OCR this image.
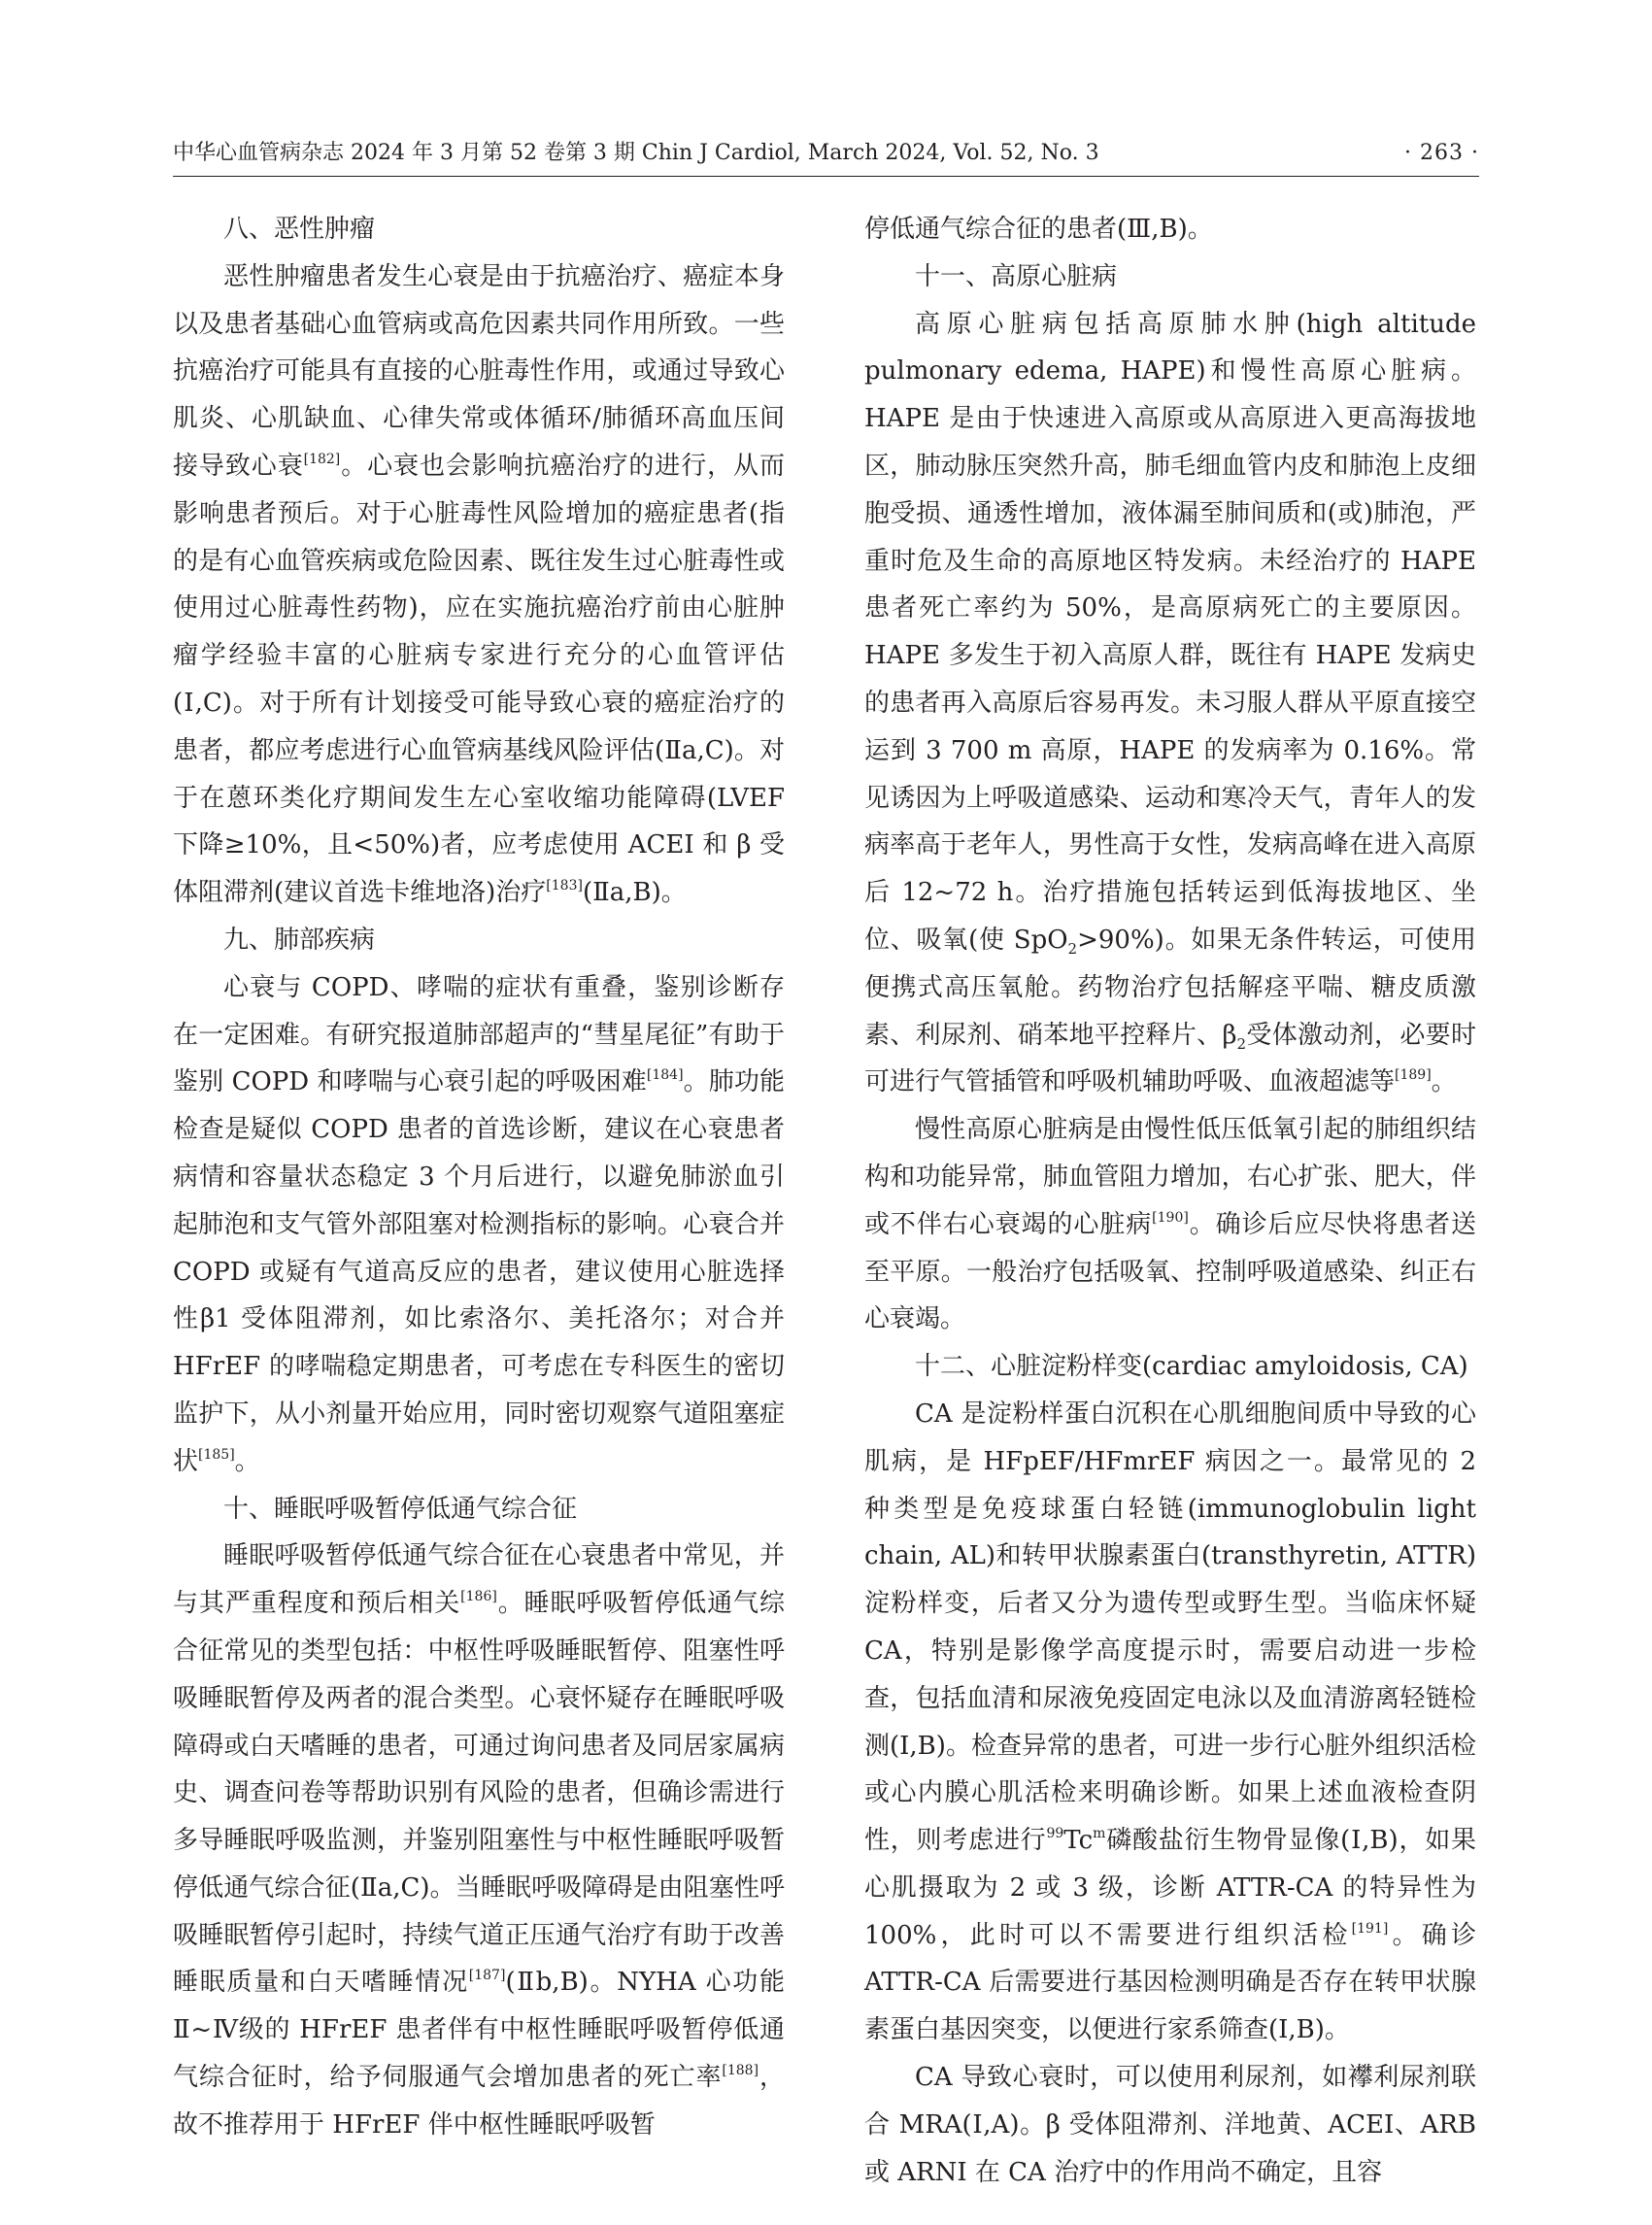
中华心血管病杂志 2024 年 3 月第 52 卷第 3 期 Chin J Cardiol, March 2024, Vol. 52, No. 3	· 263 ·

八、恶性肿瘤

恶性肿瘤患者发生心衰是由于抗癌治疗、癌症本身以及患者基础心血管病或高危因素共同作用所致。一些抗癌治疗可能具有直接的心脏毒性作用，或通过导致心肌炎、心肌缺血、心律失常或体循环/肺循环高血压间接导致心衰[182]。心衰也会影响抗癌治疗的进行，从而影响患者预后。对于心脏毒性风险增加的癌症患者(指的是有心血管疾病或危险因素、既往发生过心脏毒性或使用过心脏毒性药物)，应在实施抗癌治疗前由心脏肿瘤学经验丰富的心脏病专家进行充分的心血管评估(Ⅰ,C)。对于所有计划接受可能导致心衰的癌症治疗的患者，都应考虑进行心血管病基线风险评估(Ⅱa,C)。对于在蒽环类化疗期间发生左心室收缩功能障碍(LVEF 下降≥10%，且<50%)者，应考虑使用 ACEI 和 β 受体阻滞剂(建议首选卡维地洛)治疗[183](Ⅱa,B)。

九、肺部疾病

心衰与 COPD、哮喘的症状有重叠，鉴别诊断存在一定困难。有研究报道肺部超声的“彗星尾征”有助于鉴别 COPD 和哮喘与心衰引起的呼吸困难[184]。肺功能检查是疑似 COPD 患者的首选诊断，建议在心衰患者病情和容量状态稳定 3 个月后进行，以避免肺淤血引起肺泡和支气管外部阻塞对检测指标的影响。心衰合并 COPD 或疑有气道高反应的患者，建议使用心脏选择性β1 受体阻滞剂，如比索洛尔、美托洛尔；对合并 HFrEF 的哮喘稳定期患者，可考虑在专科医生的密切监护下，从小剂量开始应用，同时密切观察气道阻塞症状[185]。

十、睡眠呼吸暂停低通气综合征

睡眠呼吸暂停低通气综合征在心衰患者中常见，并与其严重程度和预后相关[186]。睡眠呼吸暂停低通气综合征常见的类型包括：中枢性呼吸睡眠暂停、阻塞性呼吸睡眠暂停及两者的混合类型。心衰怀疑存在睡眠呼吸障碍或白天嗜睡的患者，可通过询问患者及同居家属病史、调查问卷等帮助识别有风险的患者，但确诊需进行多导睡眠呼吸监测，并鉴别阻塞性与中枢性睡眠呼吸暂停低通气综合征(Ⅱa,C)。当睡眠呼吸障碍是由阻塞性呼吸睡眠暂停引起时，持续气道正压通气治疗有助于改善睡眠质量和白天嗜睡情况[187](Ⅱb,B)。NYHA 心功能Ⅱ~Ⅳ级的 HFrEF 患者伴有中枢性睡眠呼吸暂停低通气综合征时，给予伺服通气会增加患者的死亡率[188]，故不推荐用于 HFrEF 伴中枢性睡眠呼吸暂

停低通气综合征的患者(Ⅲ,B)。

十一、高原心脏病

高原心脏病包括高原肺水肿(high altitude pulmonary edema, HAPE)和慢性高原心脏病。HAPE 是由于快速进入高原或从高原进入更高海拔地区，肺动脉压突然升高，肺毛细血管内皮和肺泡上皮细胞受损、通透性增加，液体漏至肺间质和(或)肺泡，严重时危及生命的高原地区特发病。未经治疗的 HAPE 患者死亡率约为 50%，是高原病死亡的主要原因。HAPE 多发生于初入高原人群，既往有 HAPE 发病史的患者再入高原后容易再发。未习服人群从平原直接空运到 3 700 m 高原，HAPE 的发病率为 0.16%。常见诱因为上呼吸道感染、运动和寒冷天气，青年人的发病率高于老年人，男性高于女性，发病高峰在进入高原后 12~72 h。治疗措施包括转运到低海拔地区、坐位、吸氧(使 SpO$_2$>90%)。如果无条件转运，可使用便携式高压氧舱。药物治疗包括解痉平喘、糖皮质激素、利尿剂、硝苯地平控释片、$\beta_2$受体激动剂，必要时可进行气管插管和呼吸机辅助呼吸、血液超滤等[189]。

慢性高原心脏病是由慢性低压低氧引起的肺组织结构和功能异常，肺血管阻力增加，右心扩张、肥大，伴或不伴右心衰竭的心脏病[190]。确诊后应尽快将患者送至平原。一般治疗包括吸氧、控制呼吸道感染、纠正右心衰竭。

十二、心脏淀粉样变(cardiac amyloidosis, CA)

CA 是淀粉样蛋白沉积在心肌细胞间质中导致的心肌病，是 HFpEF/HFmrEF 病因之一。最常见的 2 种类型是免疫球蛋白轻链(immunoglobulin light chain, AL)和转甲状腺素蛋白(transthyretin, ATTR)淀粉样变，后者又分为遗传型或野生型。当临床怀疑 CA，特别是影像学高度提示时，需要启动进一步检查，包括血清和尿液免疫固定电泳以及血清游离轻链检测(Ⅰ,B)。检查异常的患者，可进一步行心脏外组织活检或心内膜心肌活检来明确诊断。如果上述血液检查阴性，则考虑进行$^{99}$Tc$^m$磷酸盐衍生物骨显像(Ⅰ,B)，如果心肌摄取为 2 或 3 级，诊断 ATTR-CA 的特异性为 100%，此时可以不需要进行组织活检[191]。确诊 ATTR-CA 后需要进行基因检测明确是否存在转甲状腺素蛋白基因突变，以便进行家系筛查(Ⅰ,B)。

CA 导致心衰时，可以使用利尿剂，如襻利尿剂联合 MRA(Ⅰ,A)。β 受体阻滞剂、洋地黄、ACEI、ARB 或 ARNI 在 CA 治疗中的作用尚不确定，且容
